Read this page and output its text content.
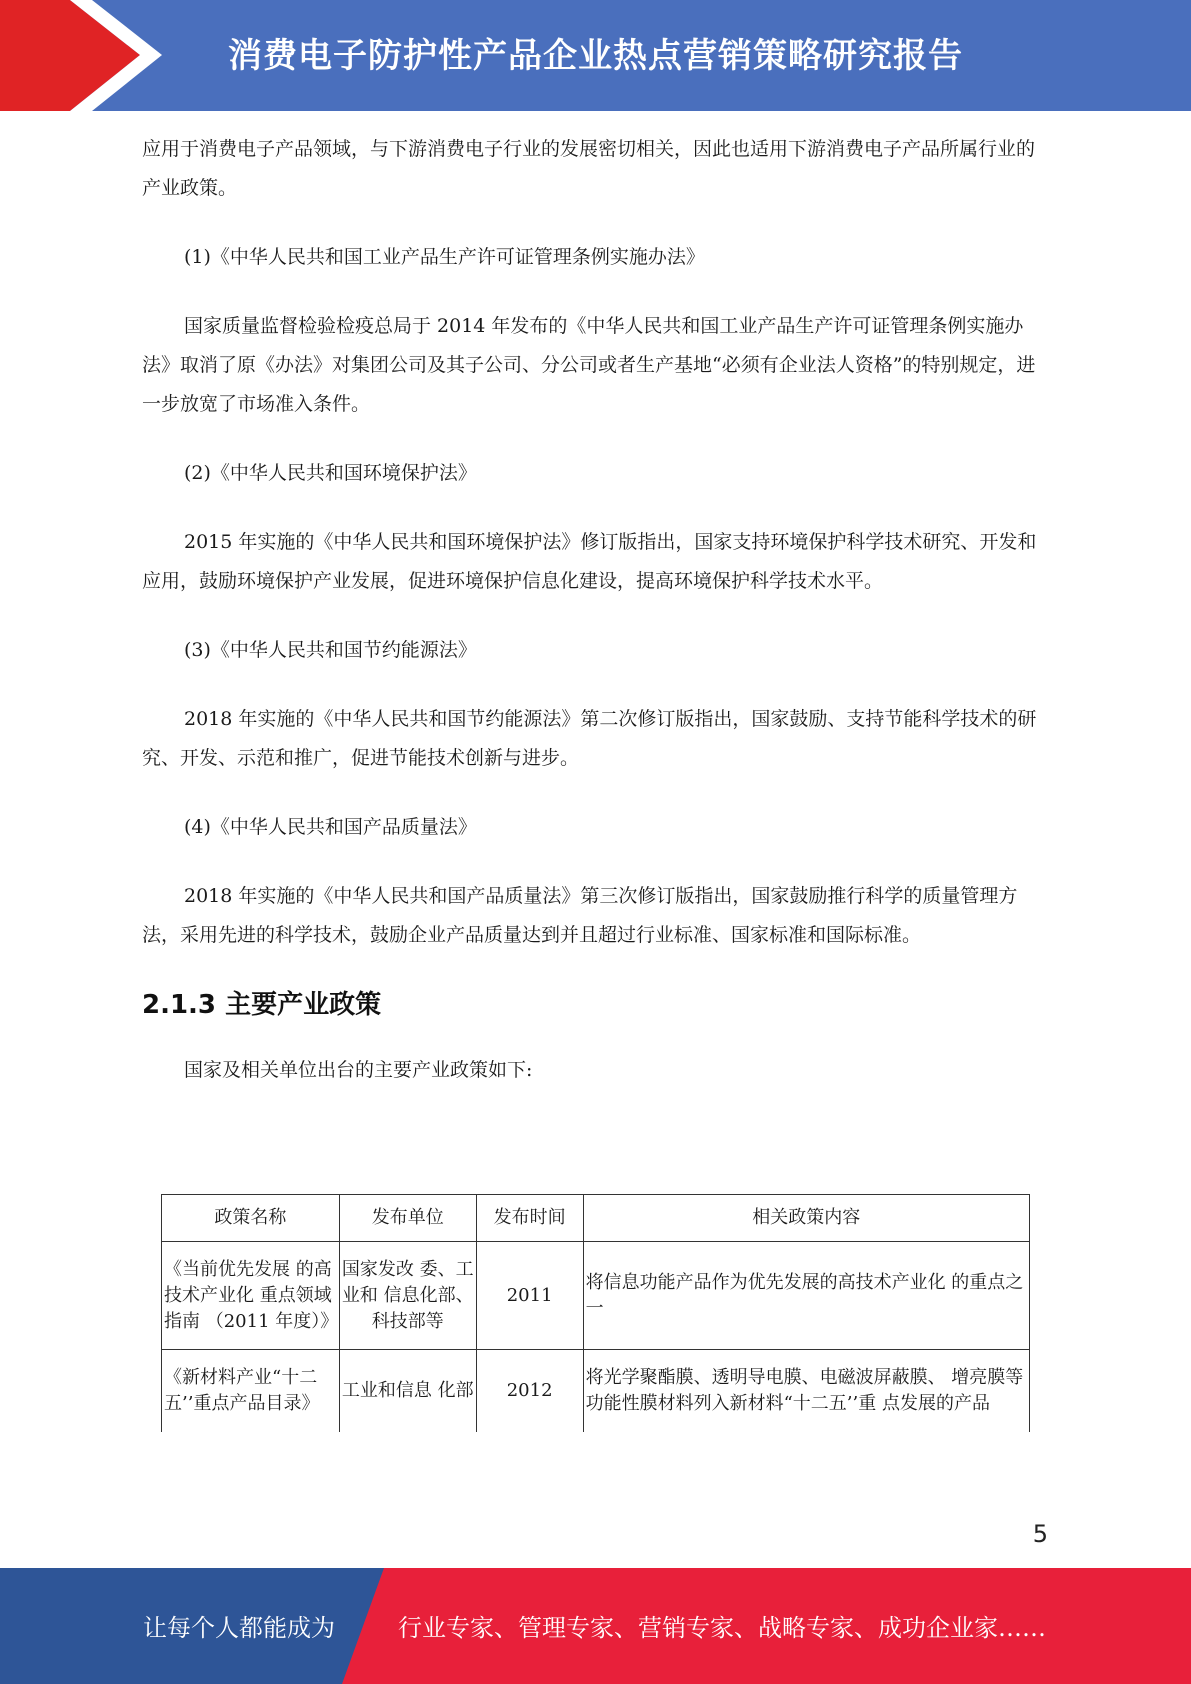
消费电子防护性产品企业热点营销策略研究报告

应用于消费电子产品领域，与下游消费电子行业的发展密切相关，因此也适用下游消费电子产品所属行业的产业政策。

(1)《中华人民共和国工业产品生产许可证管理条例实施办法》

国家质量监督检验检疫总局于 2014 年发布的《中华人民共和国工业产品生产许可证管理条例实施办法》取消了原《办法》对集团公司及其子公司、分公司或者生产基地“必须有企业法人资格”的特别规定，进一步放宽了市场准入条件。

(2)《中华人民共和国环境保护法》

2015 年实施的《中华人民共和国环境保护法》修订版指出，国家支持环境保护科学技术研究、开发和应用，鼓励环境保护产业发展，促进环境保护信息化建设，提高环境保护科学技术水平。

(3)《中华人民共和国节约能源法》

2018 年实施的《中华人民共和国节约能源法》第二次修订版指出，国家鼓励、支持节能科学技术的研究、开发、示范和推广，促进节能技术创新与进步。

(4)《中华人民共和国产品质量法》

2018 年实施的《中华人民共和国产品质量法》第三次修订版指出，国家鼓励推行科学的质量管理方法，采用先进的科学技术，鼓励企业产品质量达到并且超过行业标准、国家标准和国际标准。

2.1.3 主要产业政策

国家及相关单位出台的主要产业政策如下:

政策名称	发布单位	发布时间	相关政策内容
《当前优先发展 的高技术产业化 重点领域指南 （2011 年度）》	国家发改 委、工业和 信息化部、 科技部等	2011	将信息功能产品作为优先发展的高技术产业化 的重点之一
《新材料产业“十二五’’重点产品目录》	工业和信息 化部	2012	将光学聚酯膜、透明导电膜、电磁波屏蔽膜、 增亮膜等功能性膜材料列入新材料“十二五’’重 点发展的产品
5
让每个人都能成为	行业专家、管理专家、营销专家、战略专家、成功企业家……
